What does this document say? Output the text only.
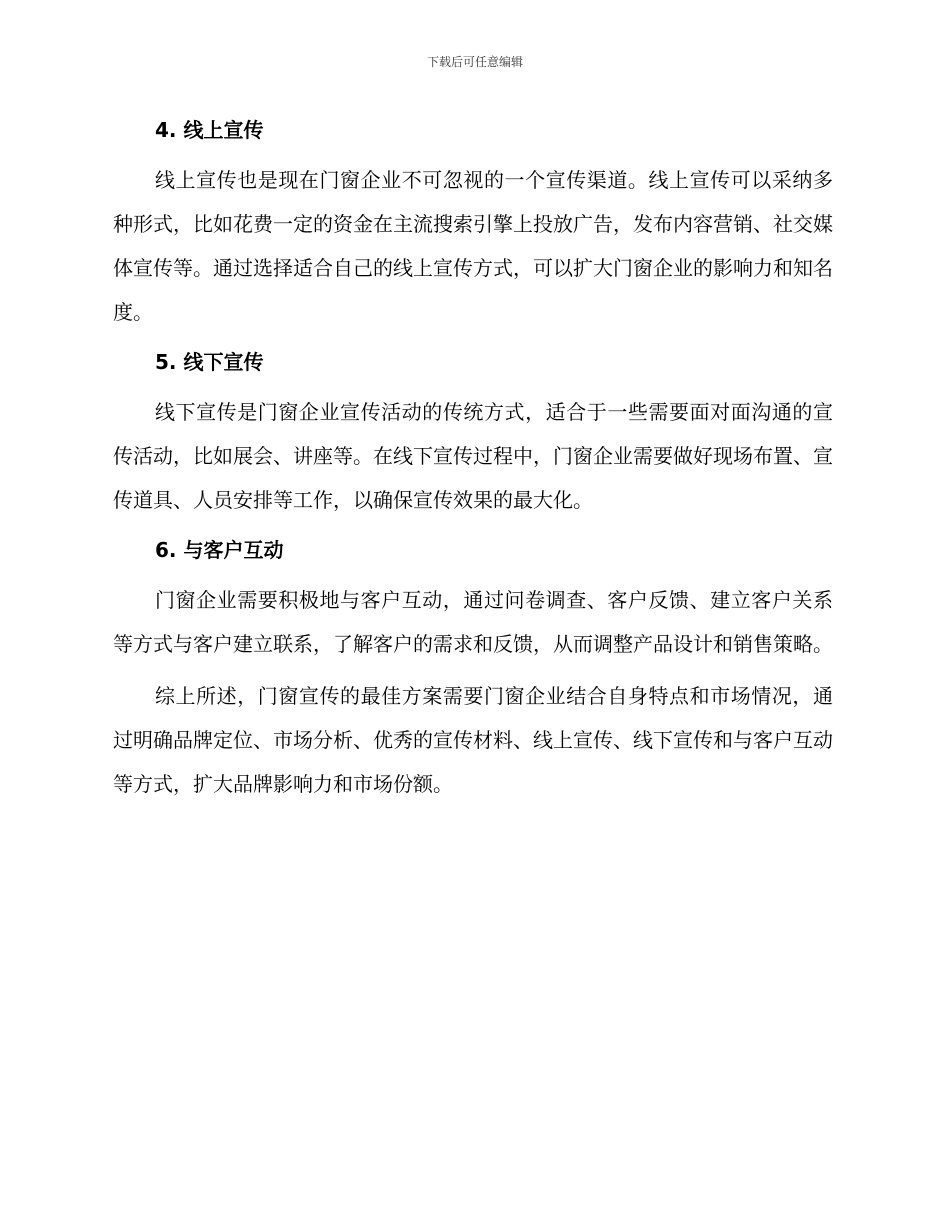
下载后可任意编辑
4. 线上宣传

线上宣传也是现在门窗企业不可忽视的一个宣传渠道。线上宣传可以采纳多种形式，比如花费一定的资金在主流搜索引擎上投放广告，发布内容营销、社交媒体宣传等。通过选择适合自己的线上宣传方式，可以扩大门窗企业的影响力和知名度。

5. 线下宣传

线下宣传是门窗企业宣传活动的传统方式，适合于一些需要面对面沟通的宣传活动，比如展会、讲座等。在线下宣传过程中，门窗企业需要做好现场布置、宣传道具、人员安排等工作，以确保宣传效果的最大化。

6. 与客户互动

门窗企业需要积极地与客户互动，通过问卷调查、客户反馈、建立客户关系等方式与客户建立联系，了解客户的需求和反馈，从而调整产品设计和销售策略。

综上所述，门窗宣传的最佳方案需要门窗企业结合自身特点和市场情况，通过明确品牌定位、市场分析、优秀的宣传材料、线上宣传、线下宣传和与客户互动等方式，扩大品牌影响力和市场份额。
